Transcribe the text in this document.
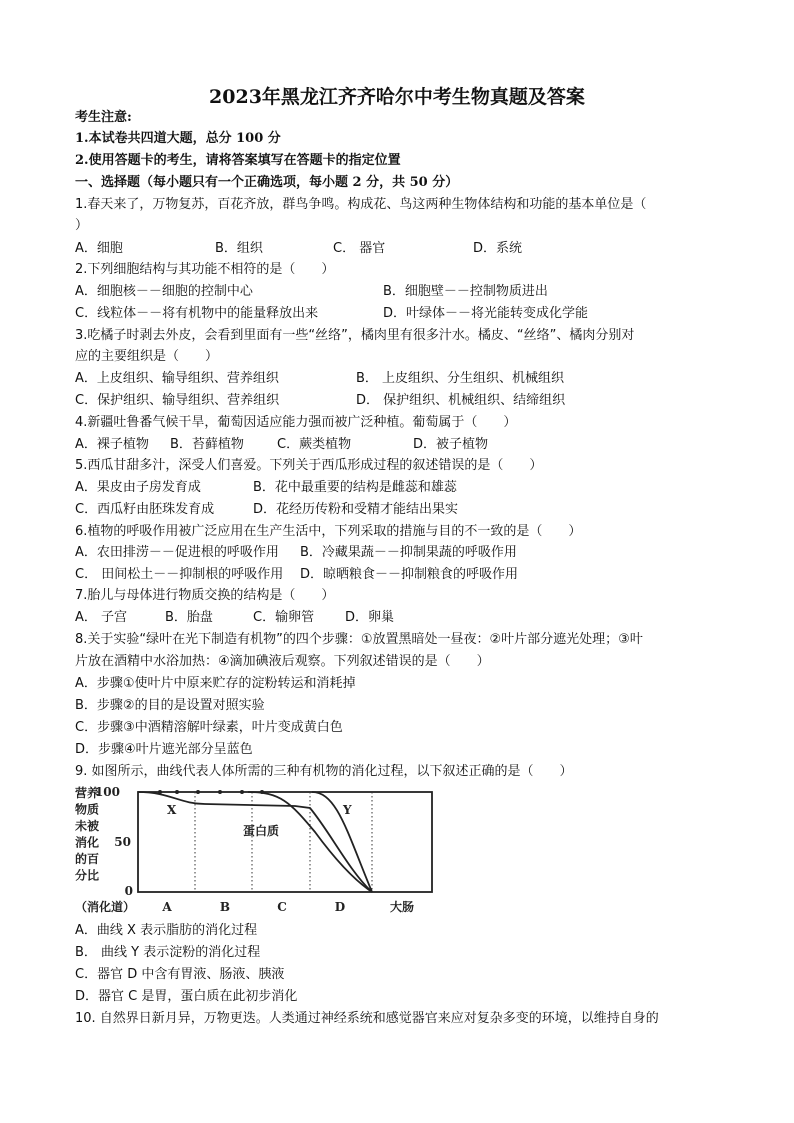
2023年黑龙江齐齐哈尔中考生物真题及答案
考生注意:
1.本试卷共四道大题，总分 100 分
2.使用答题卡的考生，请将答案填写在答题卡的指定位置
一、选择题（每小题只有一个正确选项，每小题 2 分，共 50 分）
1.春天来了，万物复苏，百花齐放，群鸟争鸣。构成花、鸟这两种生物体结构和功能的基本单位是（
）
A．细胞	B．组织	C． 器官	D．系统
2.下列细胞结构与其功能不相符的是（　　）
A．细胞核－－细胞的控制中心	B．细胞壁－－控制物质进出
C．线粒体－－将有机物中的能量释放出来	D．叶绿体－－将光能转变成化学能
3.吃橘子时剥去外皮，会看到里面有一些“丝络”，橘肉里有很多汁水。橘皮、“丝络”、橘肉分别对
应的主要组织是（　　）
A．上皮组织、输导组织、营养组织	B． 上皮组织、分生组织、机械组织
C．保护组织、输导组织、营养组织	D． 保护组织、机械组织、结缔组织
4.新疆吐鲁番气候干旱，葡萄因适应能力强而被广泛种植。葡萄属于（　　）
A．裸子植物 B．苔藓植物	C．蕨类植物	D．被子植物
5.西瓜甘甜多汁，深受人们喜爱。下列关于西瓜形成过程的叙述错误的是（　　）
A．果皮由子房发育成	B．花中最重要的结构是雌蕊和雄蕊
C．西瓜籽由胚珠发育成	D．花经历传粉和受精才能结出果实
6.植物的呼吸作用被广泛应用在生产生活中，下列采取的措施与目的不一致的是（　　）
A．农田排涝－－促进根的呼吸作用 B．冷藏果蔬－－抑制果蔬的呼吸作用
C． 田间松土－－抑制根的呼吸作用 D．晾晒粮食－－抑制粮食的呼吸作用
7.胎儿与母体进行物质交换的结构是（　　）
A． 子宫	B．胎盘	C．输卵管 D．卵巢
8.关于实验“绿叶在光下制造有机物”的四个步骤：①放置黑暗处一昼夜：②叶片部分遮光处理；③叶
片放在酒精中水浴加热：④滴加碘液后观察。下列叙述错误的是（　　）
A．步骤①使叶片中原来贮存的淀粉转运和消耗掉
B．步骤②的目的是设置对照实验
C．步骤③中酒精溶解叶绿素，叶片变成黄白色
D．步骤④叶片遮光部分呈蓝色
9. 如图所示，曲线代表人体所需的三种有机物的消化过程，以下叙述正确的是（　　）
营养
物质
未被
消化
的百
分比
100
50
0
X	Y
蛋白质
（消化道） A	B	C	D	大肠
A．曲线 X 表示脂肪的消化过程
B． 曲线 Y 表示淀粉的消化过程
C．器官 D 中含有胃液、肠液、胰液
D．器官 C 是胃，蛋白质在此初步消化
10. 自然界日新月异，万物更迭。人类通过神经系统和感觉器官来应对复杂多变的环境，以维持自身的
